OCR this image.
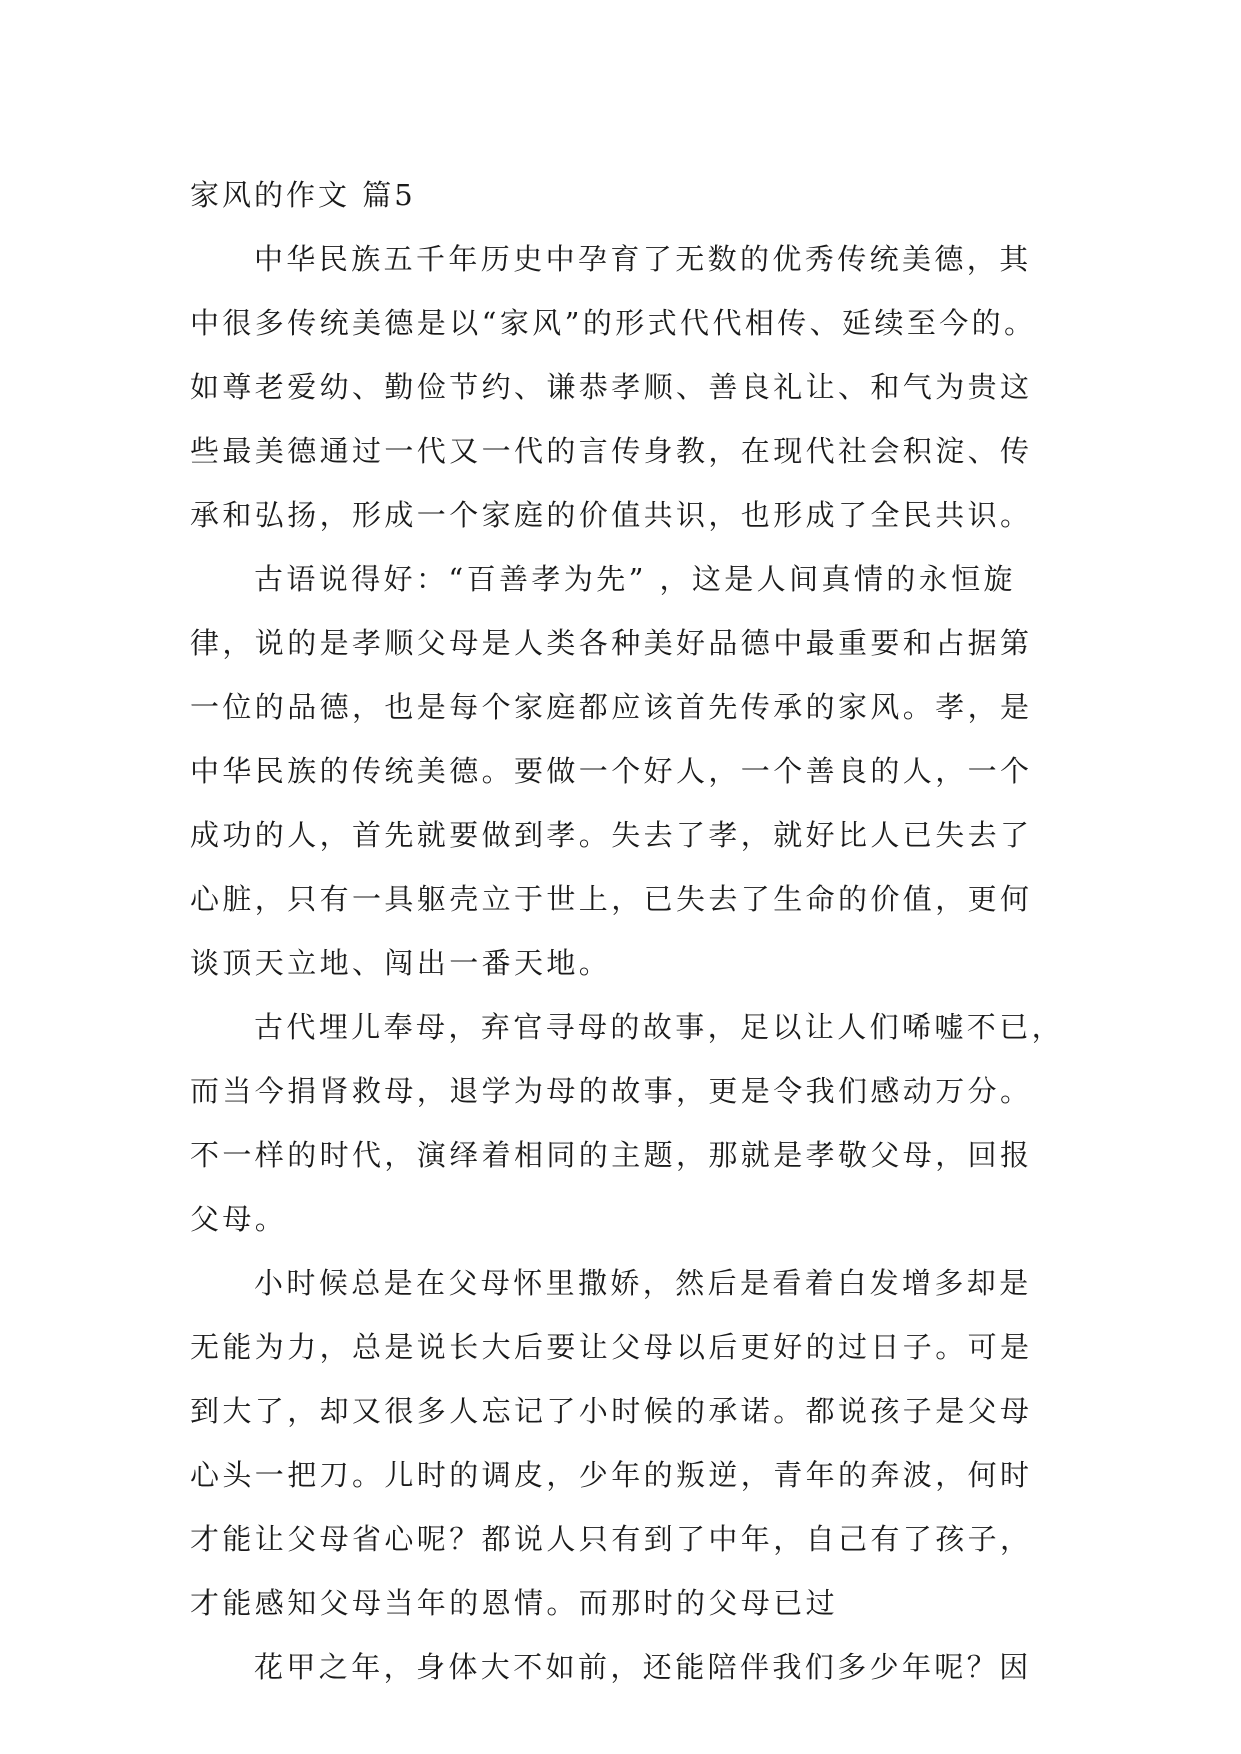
家风的作文 篇5
中华民族五千年历史中孕育了无数的优秀传统美德，其
中很多传统美德是以“家风”的形式代代相传、延续至今的。
如尊老爱幼、勤俭节约、谦恭孝顺、善良礼让、和气为贵这
些最美德通过一代又一代的言传身教，在现代社会积淀、传
承和弘扬，形成一个家庭的价值共识，也形成了全民共识。
古语说得好：“百善孝为先” ，这是人间真情的永恒旋
律，说的是孝顺父母是人类各种美好品德中最重要和占据第
一位的品德，也是每个家庭都应该首先传承的家风。孝，是
中华民族的传统美德。要做一个好人，一个善良的人，一个
成功的人，首先就要做到孝。失去了孝，就好比人已失去了
心脏，只有一具躯壳立于世上，已失去了生命的价值，更何
谈顶天立地、闯出一番天地。
古代埋儿奉母，弃官寻母的故事，足以让人们唏嘘不已，
而当今捐肾救母，退学为母的故事，更是令我们感动万分。
不一样的时代，演绎着相同的主题，那就是孝敬父母，回报
父母。
小时候总是在父母怀里撒娇，然后是看着白发增多却是
无能为力，总是说长大后要让父母以后更好的过日子。可是
到大了，却又很多人忘记了小时候的承诺。都说孩子是父母
心头一把刀。儿时的调皮，少年的叛逆，青年的奔波，何时
才能让父母省心呢？都说人只有到了中年，自己有了孩子，
才能感知父母当年的恩情。而那时的父母已过
花甲之年，身体大不如前，还能陪伴我们多少年呢？因
